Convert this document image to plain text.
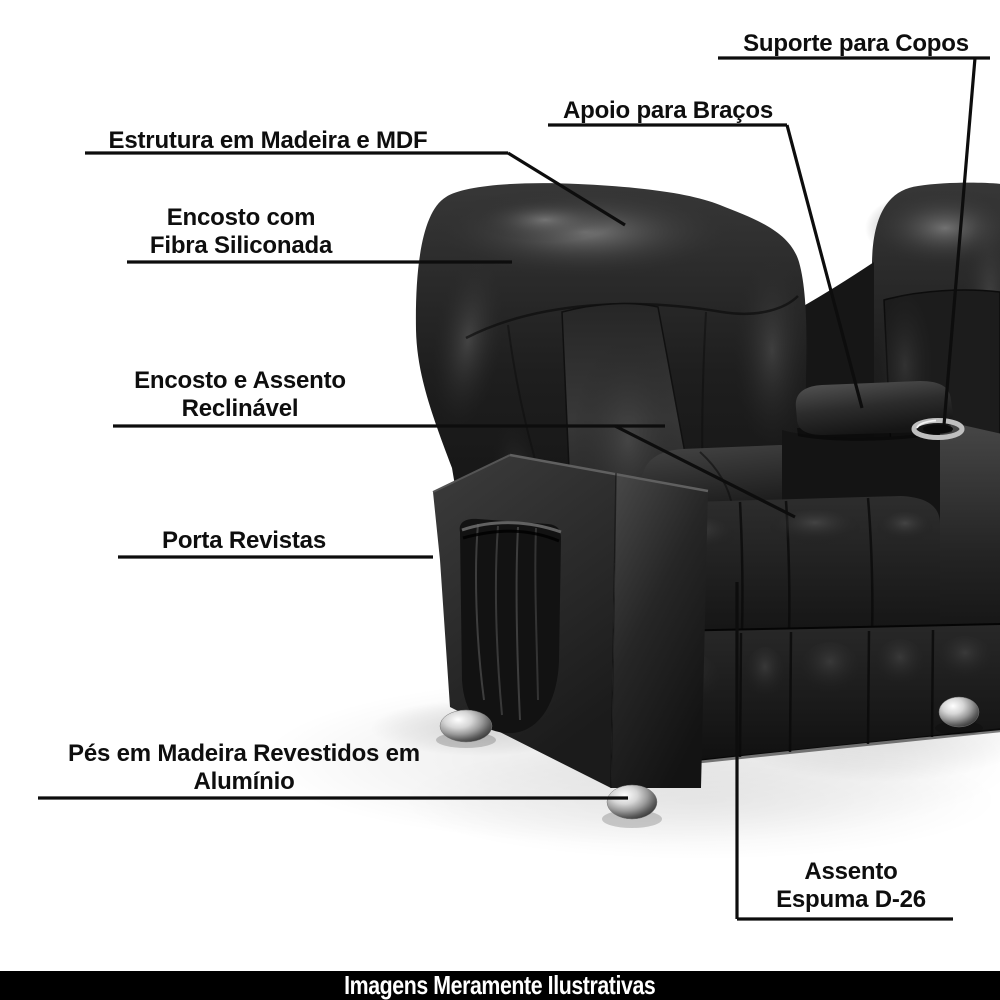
Suporte para Copos
Apoio para Braços
Estrutura em Madeira e MDF
Encosto com
Fibra Siliconada
Encosto e Assento
Reclinável
Porta Revistas
Pés em Madeira Revestidos em
Alumínio
Assento
Espuma D-26
Imagens Meramente Ilustrativas
